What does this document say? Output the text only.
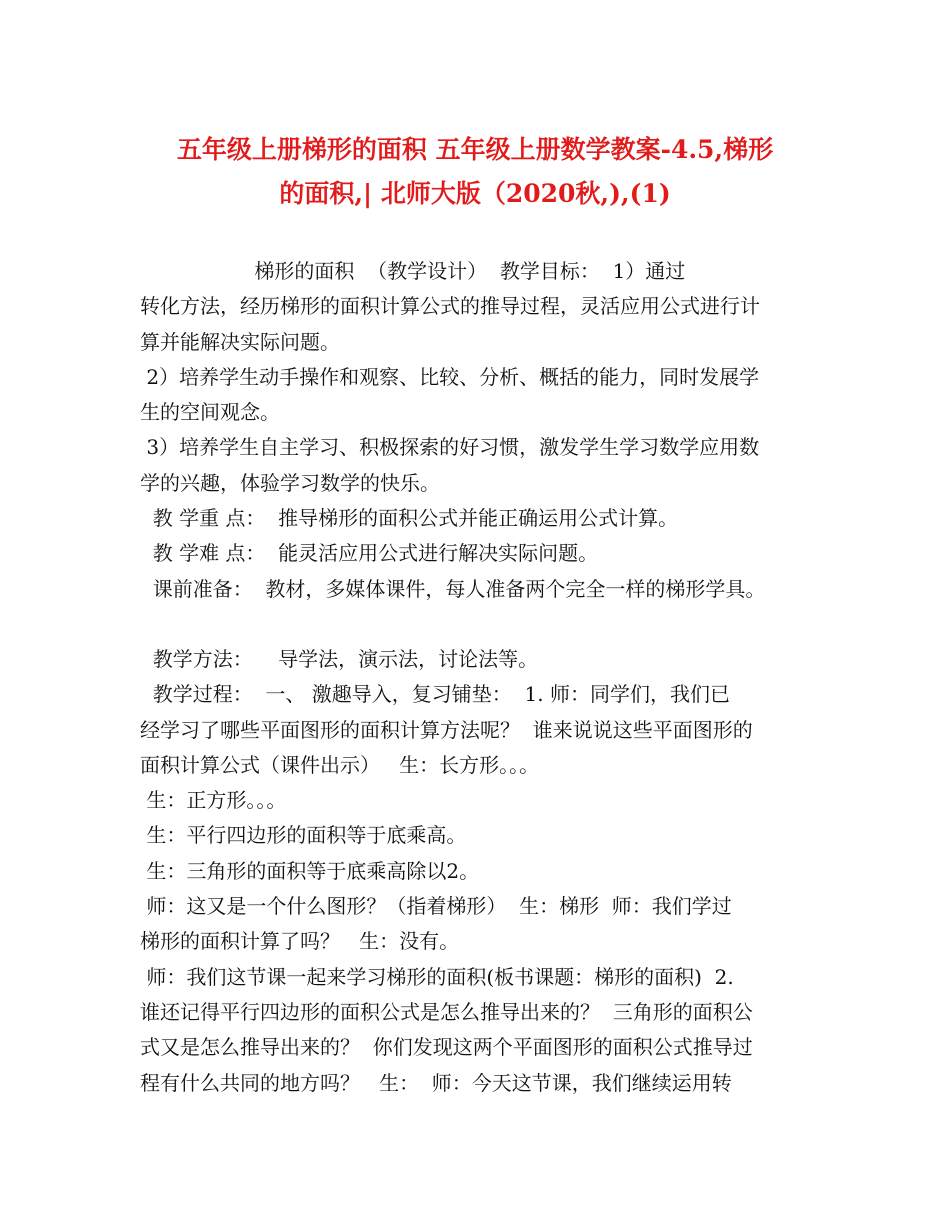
五年级上册梯形的面积 五年级上册数学教案-4.5,梯形
的面积,| 北师大版（2020秋,),(1)
梯形的面积  （教学设计）  教学目标：  1）通过
转化方法，经历梯形的面积计算公式的推导过程，灵活应用公式进行计
算并能解决实际问题。
2）培养学生动手操作和观察、比较、分析、概括的能力，同时发展学
生的空间观念。
3）培养学生自主学习、积极探索的好习惯，激发学生学习数学应用数
学的兴趣，体验学习数学的快乐。
教 学重 点：  推导梯形的面积公式并能正确运用公式计算。
教 学难 点：  能灵活应用公式进行解决实际问题。
课前准备：  教材，多媒体课件，每人准备两个完全一样的梯形学具。
教学方法：    导学法，演示法，讨论法等。
教学过程：  一、 激趣导入，复习铺垫：  1. 师：同学们，我们已
经学习了哪些平面图形的面积计算方法呢？  谁来说说这些平面图形的
面积计算公式（课件出示）   生：长方形。。。
生：正方形。。。
生：平行四边形的面积等于底乘高。
生：三角形的面积等于底乘高除以2。
师：这又是一个什么图形？（指着梯形）  生：梯形  师：我们学过
梯形的面积计算了吗？   生：没有。
师：我们这节课一起来学习梯形的面积(板书课题：梯形的面积)  2.
谁还记得平行四边形的面积公式是怎么推导出来的？  三角形的面积公
式又是怎么推导出来的？  你们发现这两个平面图形的面积公式推导过
程有什么共同的地方吗？   生：  师：今天这节课，我们继续运用转
